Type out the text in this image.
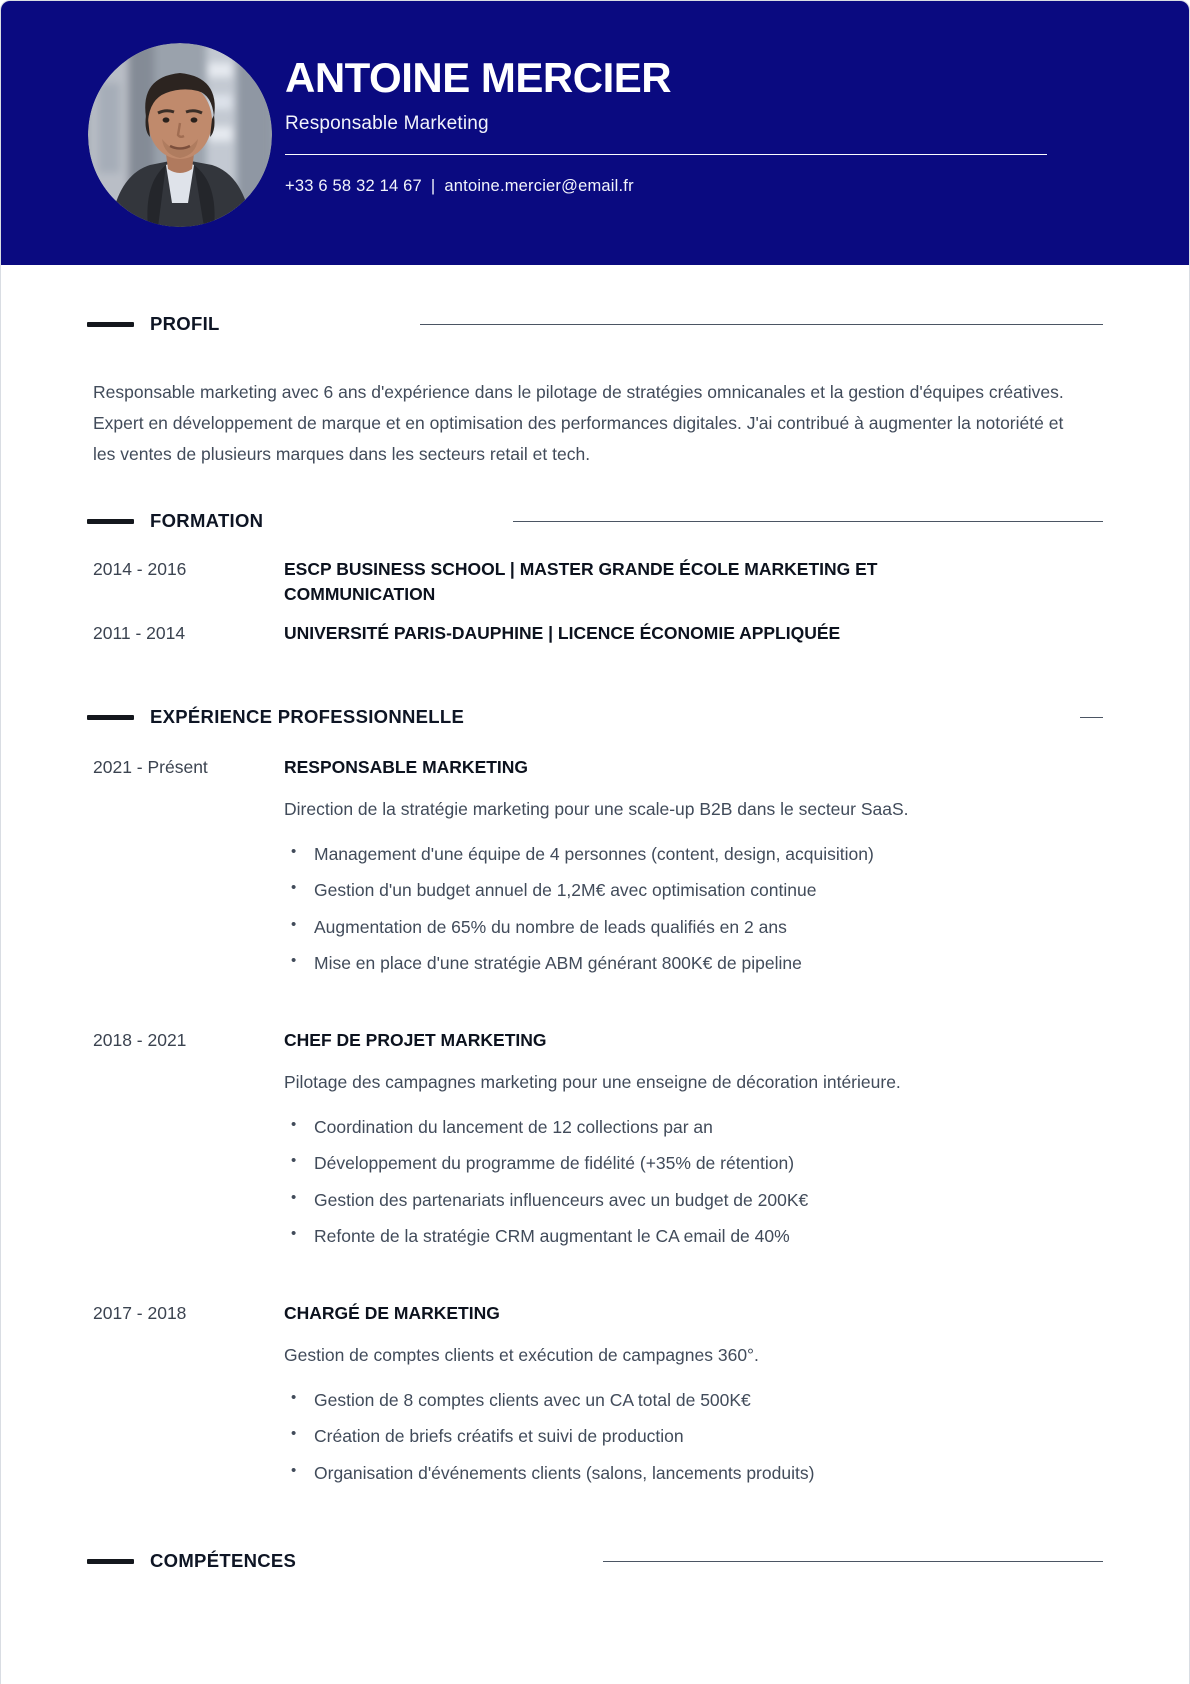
ANTOINE MERCIER

Responsable Marketing

+33 6 58 32 14 67 | antoine.mercier@email.fr

PROFIL

Responsable marketing avec 6 ans d'expérience dans le pilotage de stratégies omnicanales et la gestion d'équipes créatives. Expert en développement de marque et en optimisation des performances digitales. J'ai contribué à augmenter la notoriété et les ventes de plusieurs marques dans les secteurs retail et tech.

FORMATION
2014 - 2016	ESCP BUSINESS SCHOOL | MASTER GRANDE ÉCOLE MARKETING ET COMMUNICATION
2011 - 2014	UNIVERSITÉ PARIS-DAUPHINE | LICENCE ÉCONOMIE APPLIQUÉE
EXPÉRIENCE PROFESSIONNELLE
2021 - Présent	RESPONSABLE MARKETING

Direction de la stratégie marketing pour une scale-up B2B dans le secteur SaaS.

• Management d'une équipe de 4 personnes (content, design, acquisition)
• Gestion d'un budget annuel de 1,2M€ avec optimisation continue
• Augmentation de 65% du nombre de leads qualifiés en 2 ans
• Mise en place d'une stratégie ABM générant 800K€ de pipeline
2018 - 2021	CHEF DE PROJET MARKETING

Pilotage des campagnes marketing pour une enseigne de décoration intérieure.

• Coordination du lancement de 12 collections par an
• Développement du programme de fidélité (+35% de rétention)
• Gestion des partenariats influenceurs avec un budget de 200K€
• Refonte de la stratégie CRM augmentant le CA email de 40%
2017 - 2018	CHARGÉ DE MARKETING

Gestion de comptes clients et exécution de campagnes 360°.

• Gestion de 8 comptes clients avec un CA total de 500K€
• Création de briefs créatifs et suivi de production
• Organisation d'événements clients (salons, lancements produits)
COMPÉTENCES
